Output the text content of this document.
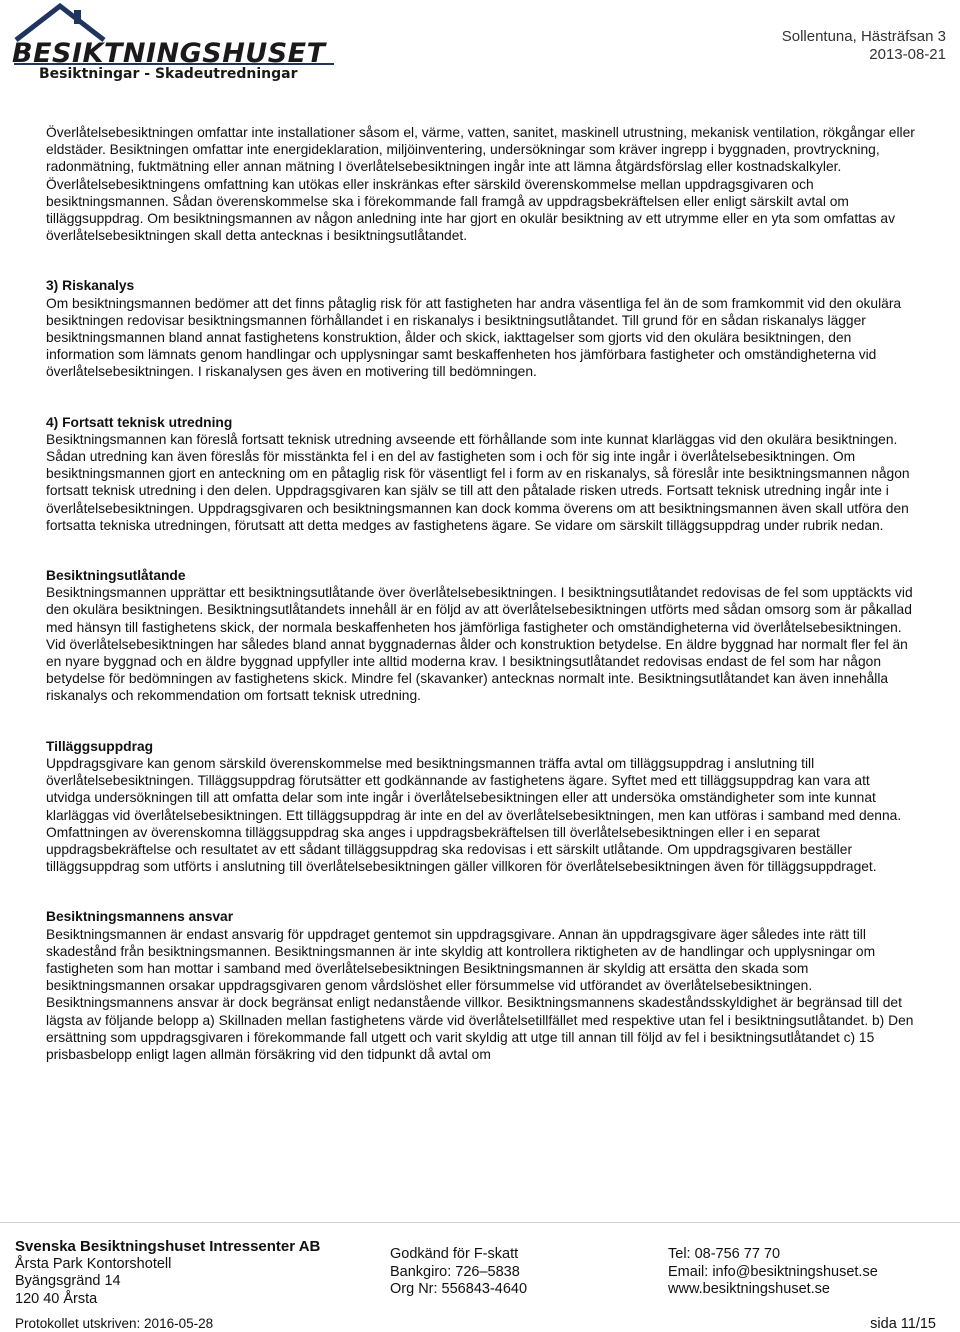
BESIKTNINGSHUSET
Besiktningar - Skadeutredningar
Sollentuna, Hästräfsan 3
2013-08-21

Överlåtelsebesiktningen omfattar inte installationer såsom el, värme, vatten, sanitet, maskinell utrustning, mekanisk ventilation, rökgångar eller eldstäder. Besiktningen omfattar inte energideklaration, miljöinventering, undersökningar som kräver ingrepp i byggnaden, provtryckning, radonmätning, fuktmätning eller annan mätning I överlåtelsebesiktningen ingår inte att lämna åtgärdsförslag eller kostnadskalkyler. Överlåtelsebesiktningens omfattning kan utökas eller inskränkas efter särskild överenskommelse mellan uppdragsgivaren och besiktningsmannen. Sådan överenskommelse ska i förekommande fall framgå av uppdragsbekräftelsen eller enligt särskilt avtal om tilläggsuppdrag. Om besiktningsmannen av någon anledning inte har gjort en okulär besiktning av ett utrymme eller en yta som omfattas av överlåtelsebesiktningen skall detta antecknas i besiktningsutlåtandet.

3) Riskanalys

Om besiktningsmannen bedömer att det finns påtaglig risk för att fastigheten har andra väsentliga fel än de som framkommit vid den okulära besiktningen redovisar besiktningsmannen förhållandet i en riskanalys i besiktningsutlåtandet. Till grund för en sådan riskanalys lägger besiktningsmannen bland annat fastighetens konstruktion, ålder och skick, iakttagelser som gjorts vid den okulära besiktningen, den information som lämnats genom handlingar och upplysningar samt beskaffenheten hos jämförbara fastigheter och omständigheterna vid överlåtelsebesiktningen. I riskanalysen ges även en motivering till bedömningen.

4) Fortsatt teknisk utredning

Besiktningsmannen kan föreslå fortsatt teknisk utredning avseende ett förhållande som inte kunnat klarläggas vid den okulära besiktningen. Sådan utredning kan även föreslås för misstänkta fel i en del av fastigheten som i och för sig inte ingår i överlåtelsebesiktningen. Om besiktningsmannen gjort en anteckning om en påtaglig risk för väsentligt fel i form av en riskanalys, så föreslår inte besiktningsmannen någon fortsatt teknisk utredning i den delen. Uppdragsgivaren kan själv se till att den påtalade risken utreds. Fortsatt teknisk utredning ingår inte i överlåtelsebesiktningen. Uppdragsgivaren och besiktningsmannen kan dock komma överens om att besiktningsmannen även skall utföra den fortsatta tekniska utredningen, förutsatt att detta medges av fastighetens ägare. Se vidare om särskilt tilläggsuppdrag under rubrik nedan.

Besiktningsutlåtande

Besiktningsmannen upprättar ett besiktningsutlåtande över överlåtelsebesiktningen. I besiktningsutlåtandet redovisas de fel som upptäckts vid den okulära besiktningen. Besiktningsutlåtandets innehåll är en följd av att överlåtelsebesiktningen utförts med sådan omsorg som är påkallad med hänsyn till fastighetens skick, der normala beskaffenheten hos jämförliga fastigheter och omständigheterna vid överlåtelsebesiktningen. Vid överlåtelsebesiktningen har således bland annat byggnadernas ålder och konstruktion betydelse. En äldre byggnad har normalt fler fel än en nyare byggnad och en äldre byggnad uppfyller inte alltid moderna krav. I besiktningsutlåtandet redovisas endast de fel som har någon betydelse för bedömningen av fastighetens skick. Mindre fel (skavanker) antecknas normalt inte. Besiktningsutlåtandet kan även innehålla riskanalys och rekommendation om fortsatt teknisk utredning.

Tilläggsuppdrag

Uppdragsgivare kan genom särskild överenskommelse med besiktningsmannen träffa avtal om tilläggsuppdrag i anslutning till överlåtelsebesiktningen. Tilläggsuppdrag förutsätter ett godkännande av fastighetens ägare. Syftet med ett tilläggsuppdrag kan vara att utvidga undersökningen till att omfatta delar som inte ingår i överlåtelsebesiktningen eller att undersöka omständigheter som inte kunnat klarläggas vid överlåtelsebesiktningen. Ett tilläggsuppdrag är inte en del av överlåtelsebesiktningen, men kan utföras i samband med denna. Omfattningen av överenskomna tilläggsuppdrag ska anges i uppdragsbekräftelsen till överlåtelsebesiktningen eller i en separat uppdragsbekräftelse och resultatet av ett sådant tilläggsuppdrag ska redovisas i ett särskilt utlåtande. Om uppdragsgivaren beställer tilläggsuppdrag som utförts i anslutning till överlåtelsebesiktningen gäller villkoren för överlåtelsebesiktningen även för tilläggsuppdraget.

Besiktningsmannens ansvar

Besiktningsmannen är endast ansvarig för uppdraget gentemot sin uppdragsgivare. Annan än uppdragsgivare äger således inte rätt till skadestånd från besiktningsmannen. Besiktningsmannen är inte skyldig att kontrollera riktigheten av de handlingar och upplysningar om fastigheten som han mottar i samband med överlåtelsebesiktningen Besiktningsmannen är skyldig att ersätta den skada som besiktningsmannen orsakar uppdragsgivaren genom vårdslöshet eller försummelse vid utförandet av överlåtelsebesiktningen. Besiktningsmannens ansvar är dock begränsat enligt nedanstående villkor. Besiktningsmannens skadeståndsskyldighet är begränsad till det lägsta av följande belopp a) Skillnaden mellan fastighetens värde vid överlåtelsetillfället med respektive utan fel i besiktningsutlåtandet. b) Den ersättning som uppdragsgivaren i förekommande fall utgett och varit skyldig att utge till annan till följd av fel i besiktningsutlåtandet c) 15 prisbasbelopp enligt lagen allmän försäkring vid den tidpunkt då avtal om

Svenska Besiktningshuset Intressenter AB
Årsta Park Kontorshotell
Byängsgränd 14
120 40 Årsta
Godkänd för F-skatt
Bankgiro: 726–5838
Org Nr: 556843-4640
Tel: 08-756 77 70
Email: info@besiktningshuset.se
www.besiktningshuset.se
Protokollet utskriven: 2016-05-28	sida 11/15
